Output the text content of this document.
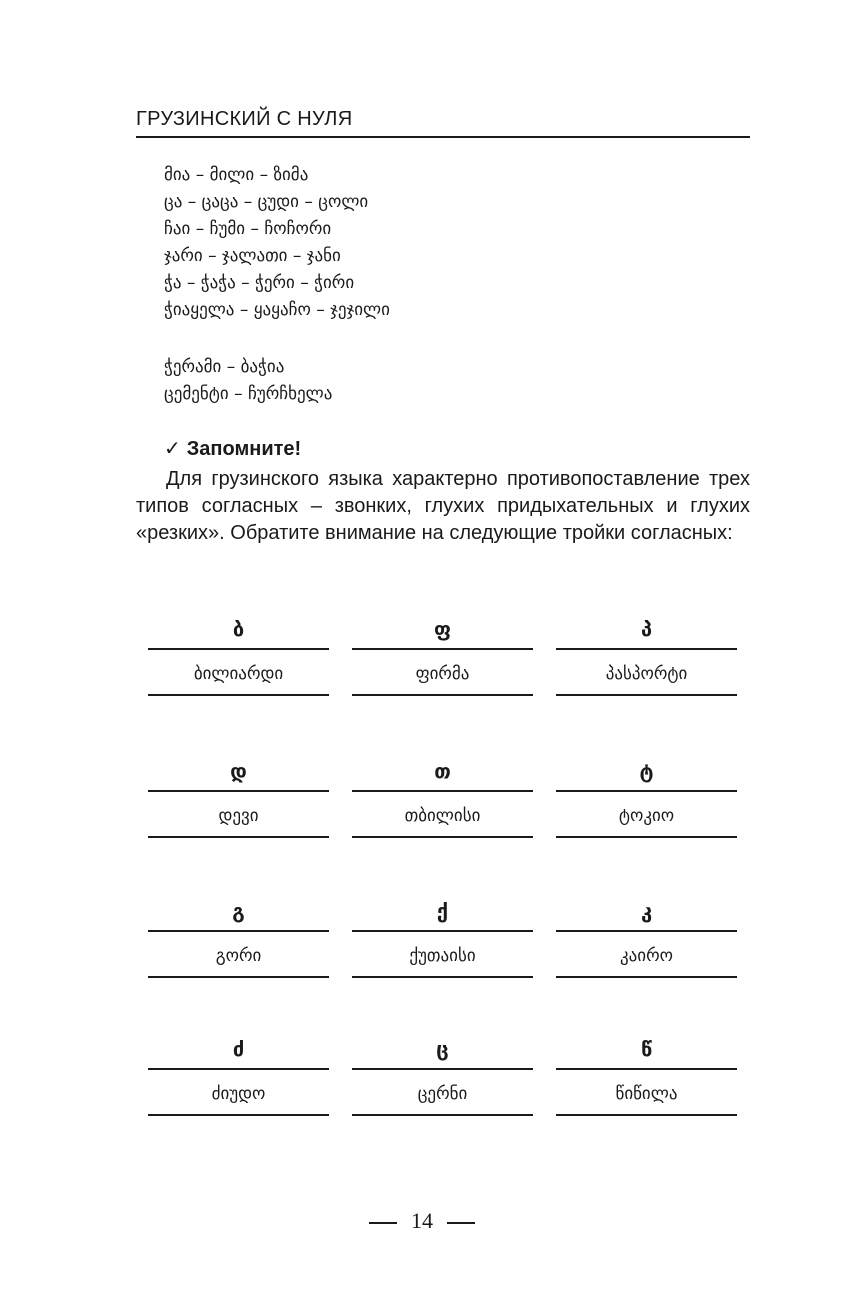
ГРУЗИНСКИЙ С НУЛЯ
მია – მილი – ზიმა
ცა – ცაცა – ცუდი – ცოლი
ჩაი – ჩუმი – ჩოჩორი
ჯარი – ჯალათი – ჯანი
ჭა – ჭაჭა – ჭერი – ჭირი
ჭიაყელა – ყაყაჩო – ჯეჯილი
ჭერამი – ბაჭია
ცემენტი – ჩურჩხელა
✓ Запомните!

Для грузинского языка характерно противопоставление трех типов согласных – звонких, глухих придыхательных и глухих «резких». Обратите внимание на следующие тройки согласных:

ბ
ბილიარდი
ფ
ფირმა
პ
პასპორტი
დ
დევი
თ
თბილისი
ტ
ტოკიო
გ
გორი
ქ
ქუთაისი
კ
კაირო
ძ
ძიუდო
ც
ცერნი
წ
წიწილა
14
